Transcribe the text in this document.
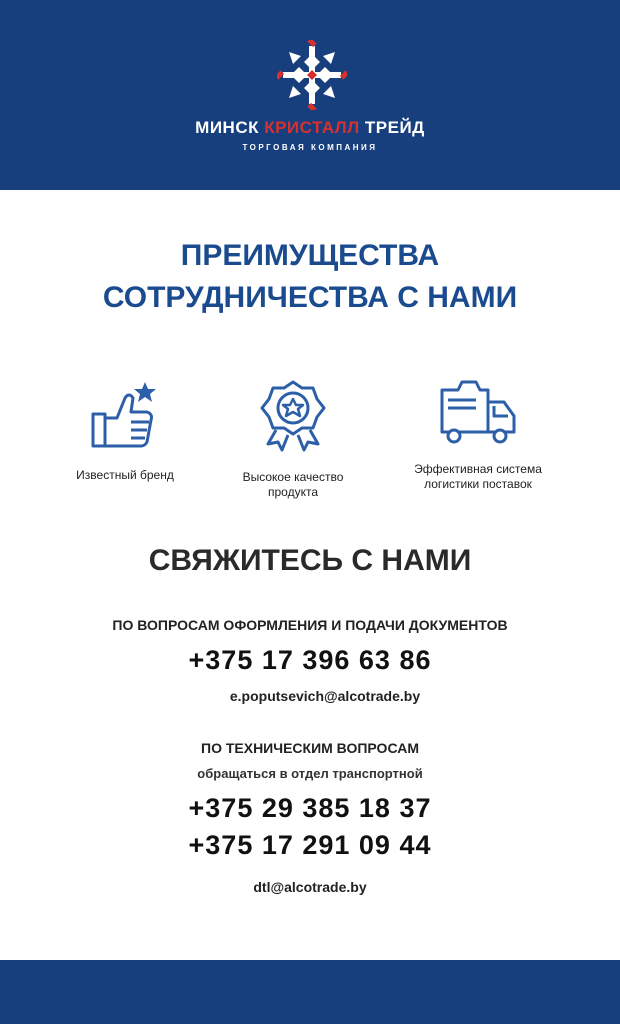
МИНСК КРИСТАЛЛ ТРЕЙД
ТОРГОВАЯ КОМПАНИЯ
ПРЕИМУЩЕСТВА
СОТРУДНИЧЕСТВА С НАМИ
Известный бренд	Высокое качество
продукта
Эффективная система
логистики поставок
СВЯЖИТЕСЬ С НАМИ
ПО ВОПРОСАМ ОФОРМЛЕНИЯ И ПОДАЧИ ДОКУМЕНТОВ
+375 17 396 63 86
e.poputsevich@alcotrade.by
ПО ТЕХНИЧЕСКИМ ВОПРОСАМ
обращаться в отдел транспортной
+375 29 385 18 37
+375 17 291 09 44
dtl@alcotrade.by
